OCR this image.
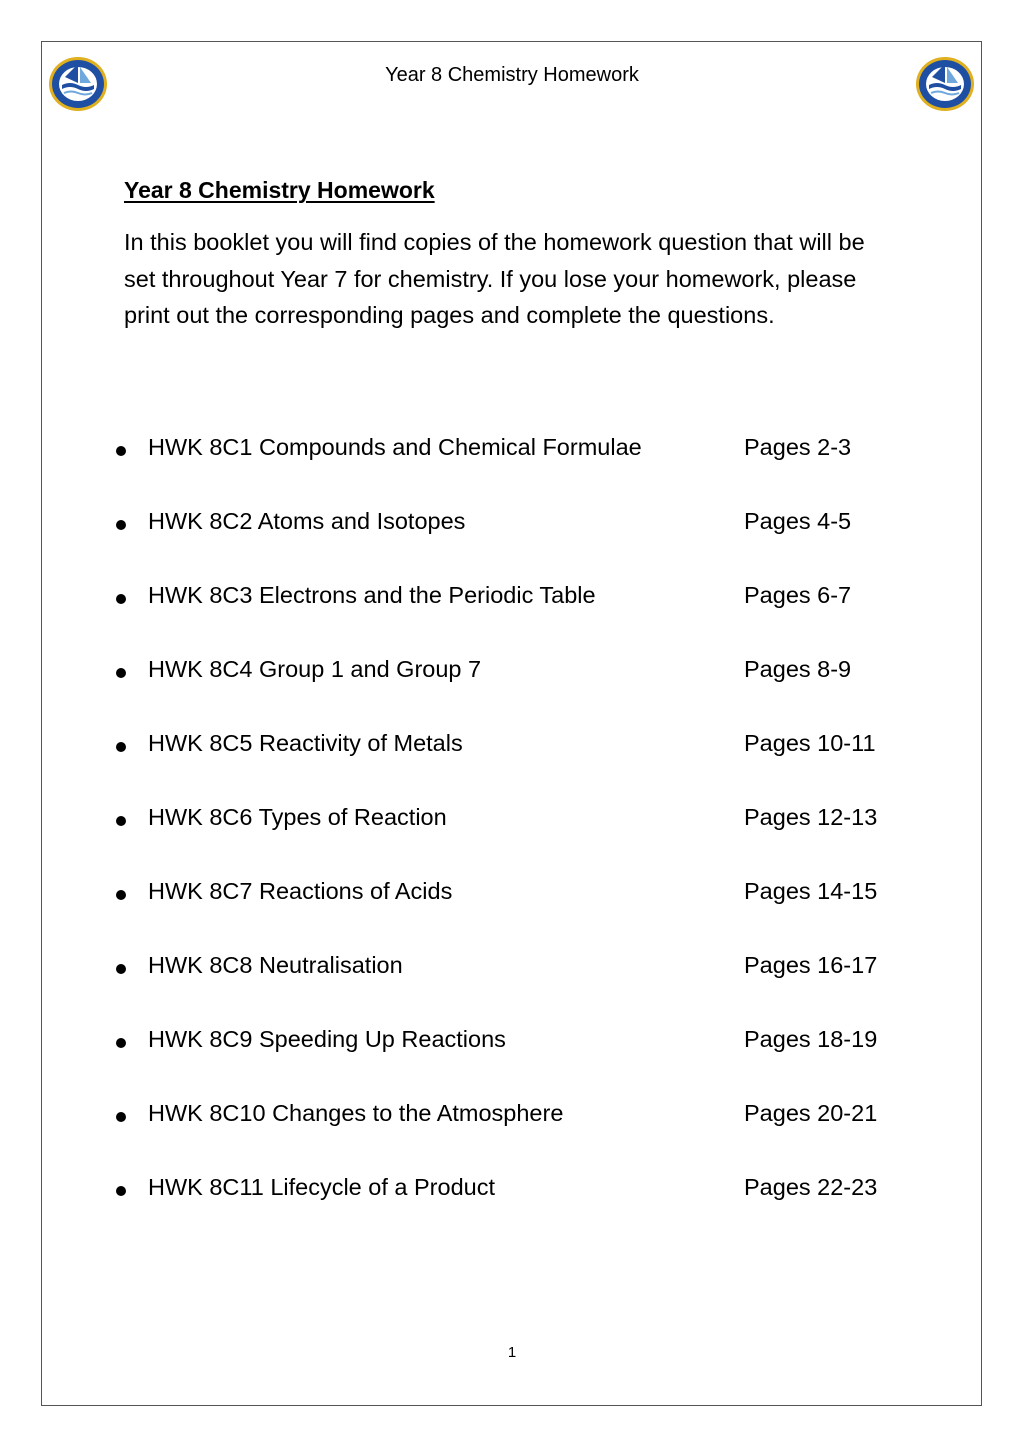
Year 8 Chemistry Homework
Year 8 Chemistry Homework

In this booklet you will find copies of the homework question that will be set throughout Year 7 for chemistry. If you lose your homework, please print out the corresponding pages and complete the questions.

HWK 8C1 Compounds and Chemical Formulae	Pages 2-3
HWK 8C2 Atoms and Isotopes	Pages 4-5
HWK 8C3 Electrons and the Periodic Table	Pages 6-7
HWK 8C4 Group 1 and Group 7	Pages 8-9
HWK 8C5 Reactivity of Metals	Pages 10-11
HWK 8C6 Types of Reaction	Pages 12-13
HWK 8C7 Reactions of Acids	Pages 14-15
HWK 8C8 Neutralisation	Pages 16-17
HWK 8C9 Speeding Up Reactions	Pages 18-19
HWK 8C10 Changes to the Atmosphere	Pages 20-21
HWK 8C11 Lifecycle of a Product	Pages 22-23
1
